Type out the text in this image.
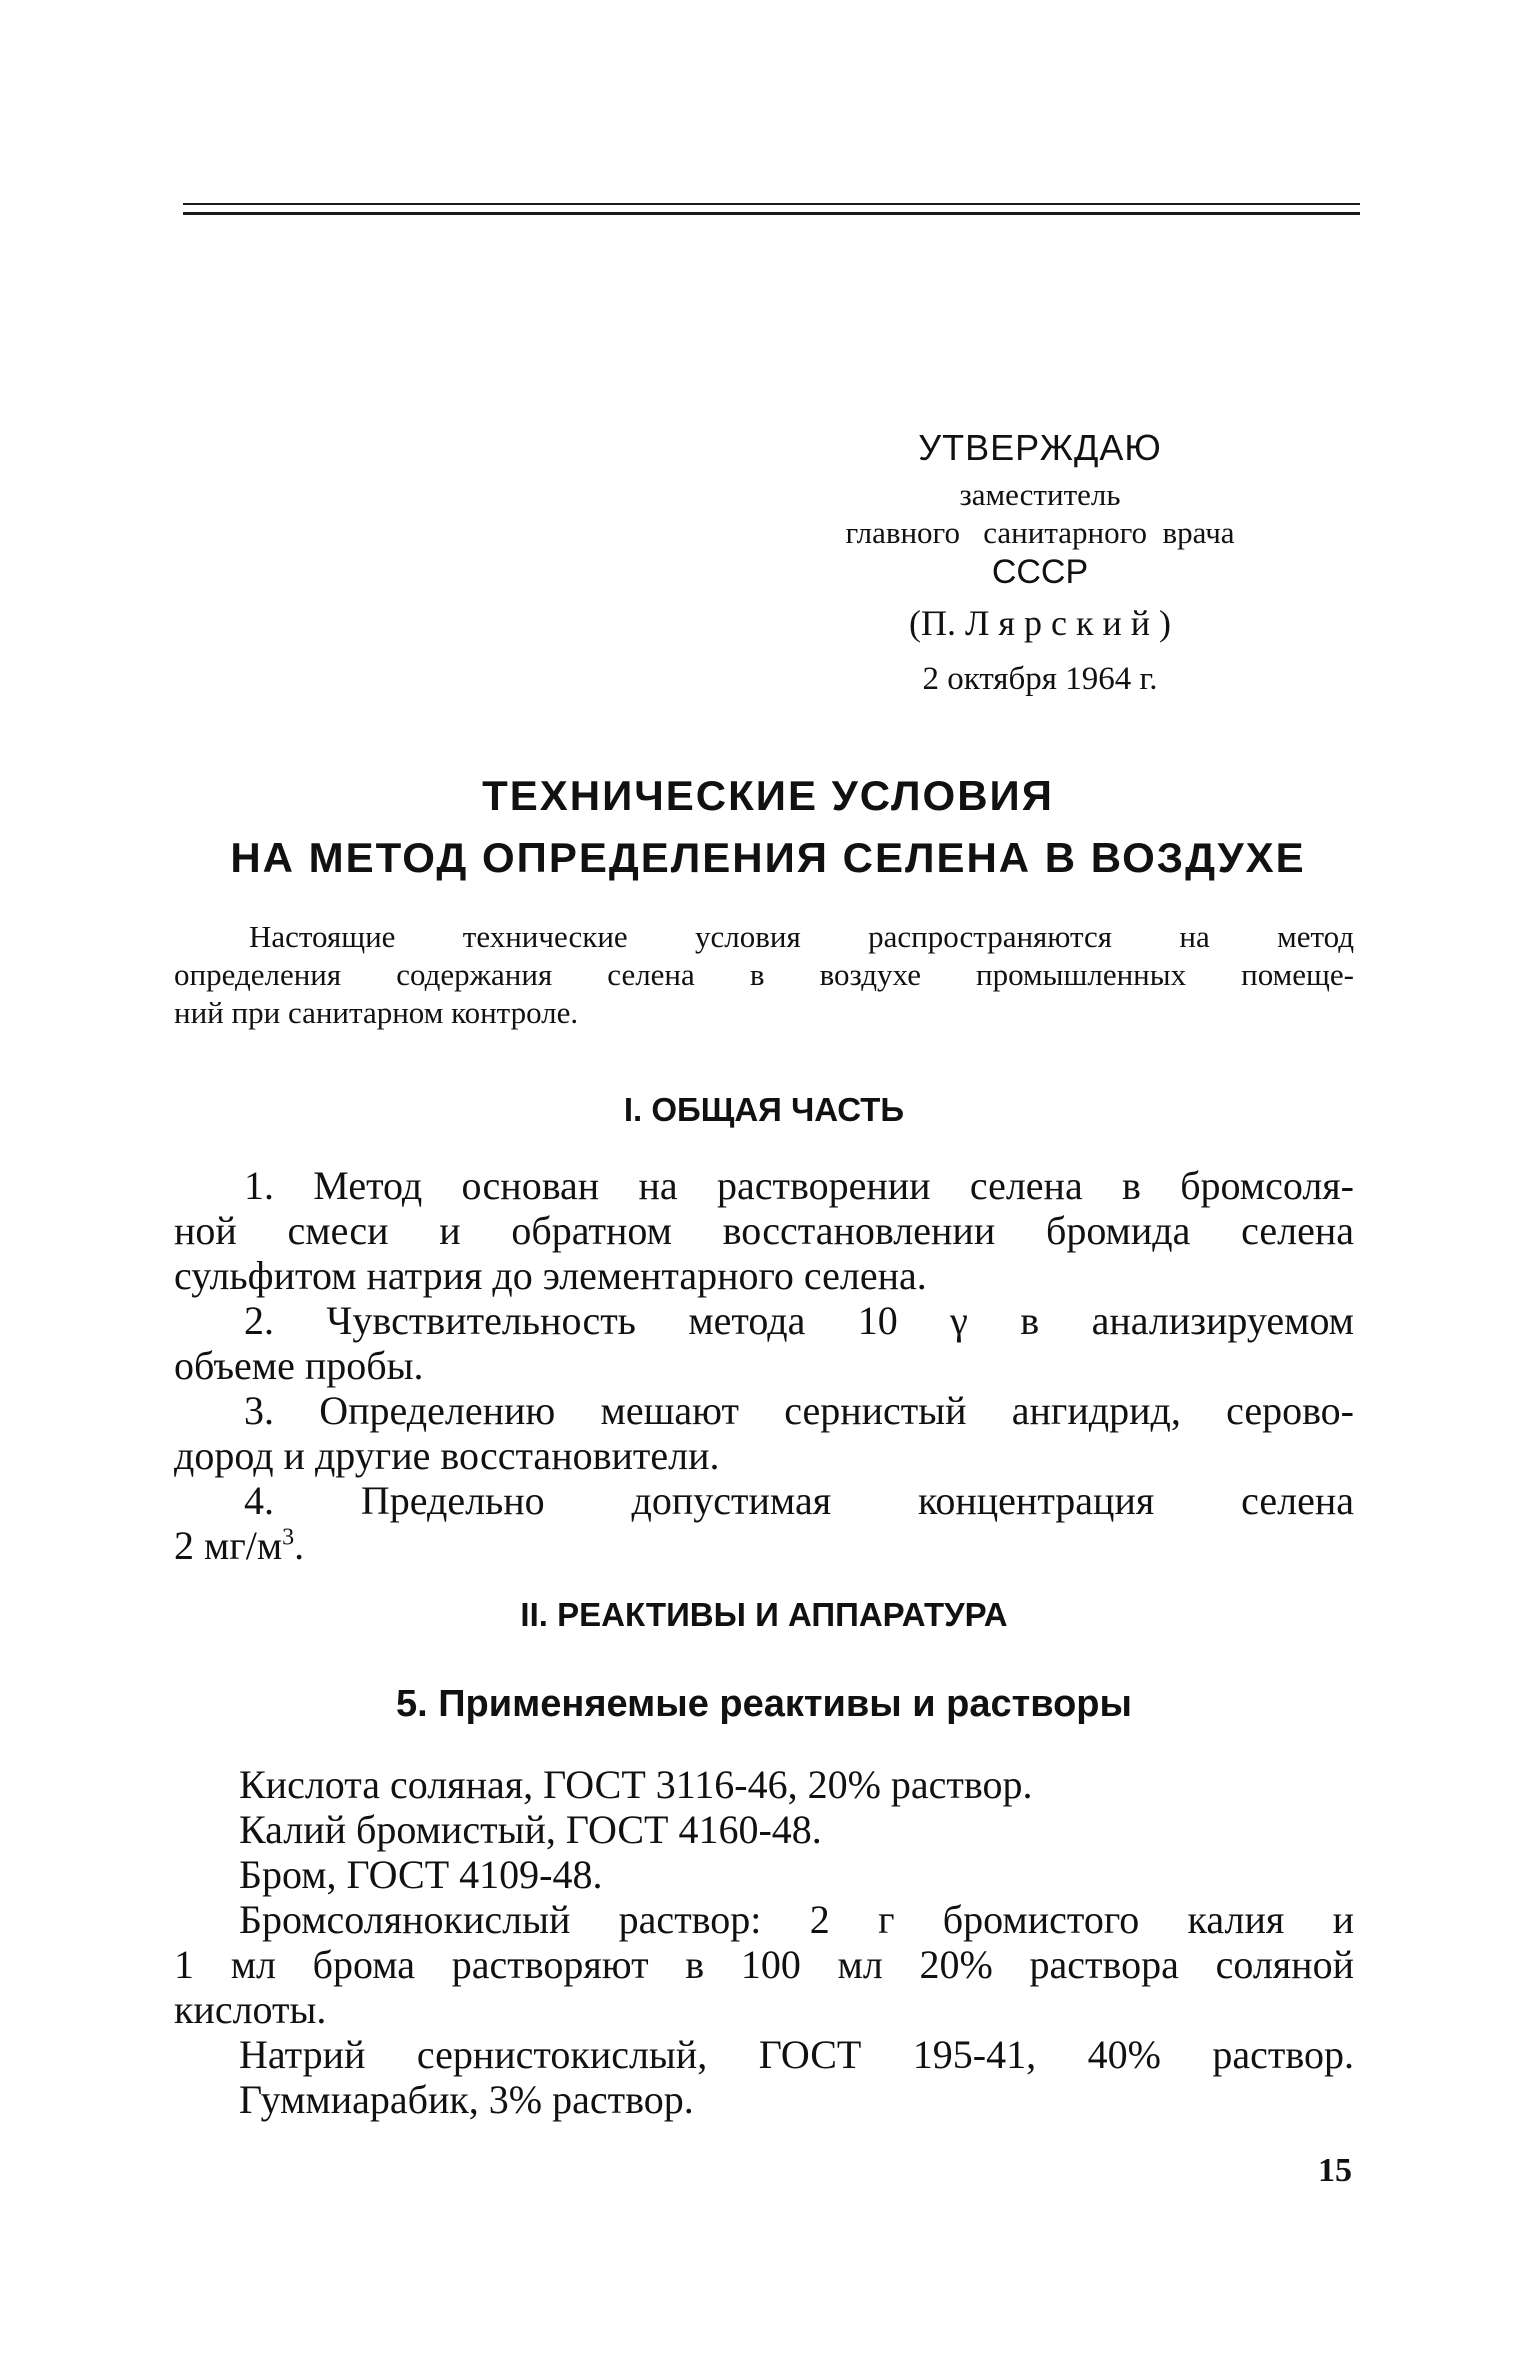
УТВЕРЖДАЮ
заместитель
главного   санитарного  врача
СССР
(П. Лярский)
2 октября 1964 г.
ТЕХНИЧЕСКИЕ УСЛОВИЯ
НА МЕТОД ОПРЕДЕЛЕНИЯ СЕЛЕНА В ВОЗДУХЕ
Настоящие технические условия распространяются на метод
определения содержания селена в воздухе промышленных помеще-
ний при санитарном контроле.
I. ОБЩАЯ ЧАСТЬ
1. Метод основан на растворении селена в бромсоля-
ной смеси и обратном восстановлении бромида селена
сульфитом натрия до элементарного селена.
2. Чувствительность метода 10 γ в анализируемом
объеме пробы.
3. Определению мешают сернистый ангидрид, серово-
дород и другие восстановители.
4. Предельно допустимая концентрация селена
2 $мг/м^3$.
II. РЕАКТИВЫ И АППАРАТУРА
5. Применяемые реактивы и растворы
Кислота соляная, ГОСТ 3116-46, 20% раствор.
Калий бромистый, ГОСТ 4160-48.
Бром, ГОСТ 4109-48.
Бромсолянокислый раствор: 2 г бромистого калия и
1 мл брома растворяют в 100 мл 20% раствора соляной
кислоты.
Натрий сернистокислый, ГОСТ 195-41, 40% раствор.
Гуммиарабик, 3% раствор.
15
